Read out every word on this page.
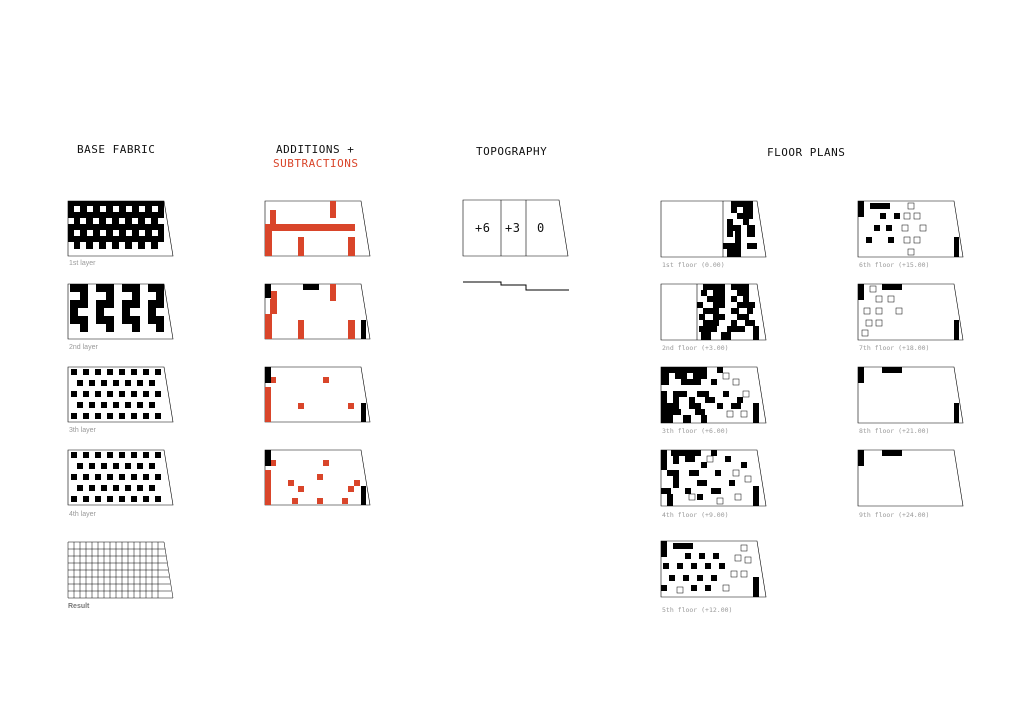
BASE FABRIC	ADDITIONS +
SUBTRACTIONS
TOPOGRAPHY	FLOOR PLANS
1st layer
2nd layer
3th layer
4th layer
Result
+6 +3 0
1st floor (0.00)
2nd floor (+3.00)
3th floor (+6.00)
4th floor (+9.00)
5th floor (+12.00)
6th floor (+15.00)
7th floor (+18.00)
8th floor (+21.00)
9th floor (+24.00)
